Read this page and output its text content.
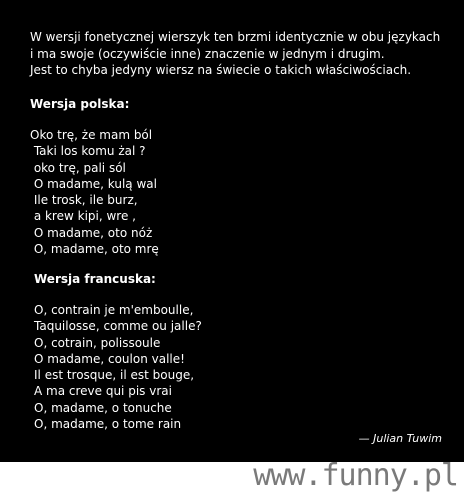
W wersji fonetycznej wierszyk ten brzmi identycznie w obu językach
i ma swoje (oczywiście inne) znaczenie w jednym i drugim.
Jest to chyba jedyny wiersz na świecie o takich właściwościach.
Wersja polska:
Oko trę, że mam ból
Taki los komu żal ?
oko trę, pali sól
O madame, kulą wal
Ile trosk, ile burz,
a krew kipi, wre ,
O madame, oto nóż
O, madame, oto mrę
Wersja francuska:
O, contrain je m'emboulle,
Taquilosse, comme ou jalle?
O, cotrain, polissoule
O madame, coulon valle!
Il est trosque, il est bouge,
A ma creve qui pis vrai
O, madame, o tonuche
O, madame, o tome rain
— Julian Tuwim
www.funny.pl
